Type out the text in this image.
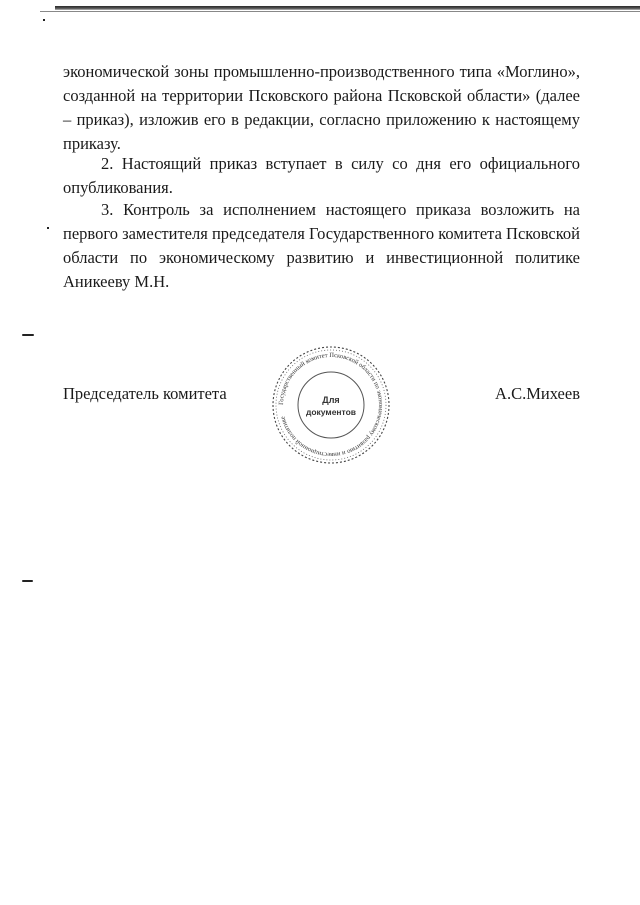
экономической зоны промышленно-производственного типа «Моглино», созданной на территории Псковского района Псковской области» (далее – приказ), изложив его в редакции, согласно приложению к настоящему приказу.
2. Настоящий приказ вступает в силу со дня его официального опубликования.
3. Контроль за исполнением настоящего приказа возложить на первого заместителя председателя Государственного комитета Псковской области по экономическому развитию и инвестиционной политике Аникееву М.Н.
Председатель комитета	А.С.Михеев
Государственный комитет Псковской области по экономическому развитию и инвестиционной политике
Для
документов
